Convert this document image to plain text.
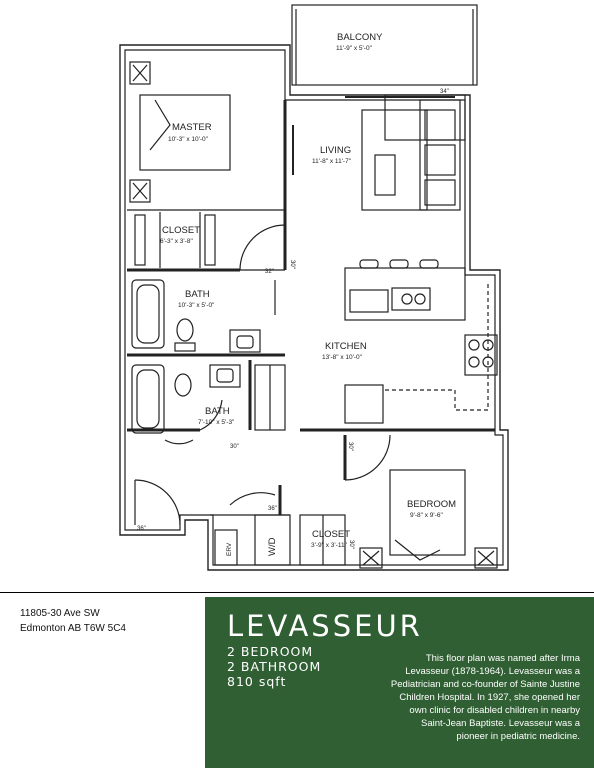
BALCONY
11'-9" x 5'-0"
MASTER
10'-3" x 10'-0"
LIVING
11'-8" x 11'-7"
CLOSET
6'-3" x 3'-8"
BATH
10'-3" x 5'-0"
KITCHEN
13'-8" x 10'-0"
BATH
7'-10" x 5'-3"
BEDROOM
9'-8" x 9'-6"
CLOSET
3'-9" x 3'-11"
ERV	W/D
34"
32"
30"
30"	30"
36"
36"
30"
11805-30 Ave SW
Edmonton AB T6W 5C4	LEVASSEUR
2 BEDROOM
2 BATHROOM
810 sqft
This floor plan was named after Irma Levasseur (1878-1964). Levasseur was a Pediatrician and co-founder of Sainte Justine Children Hospital. In 1927, she opened her own clinic for disabled children in nearby Saint-Jean Baptiste. Levasseur was a pioneer in pediatric medicine.
